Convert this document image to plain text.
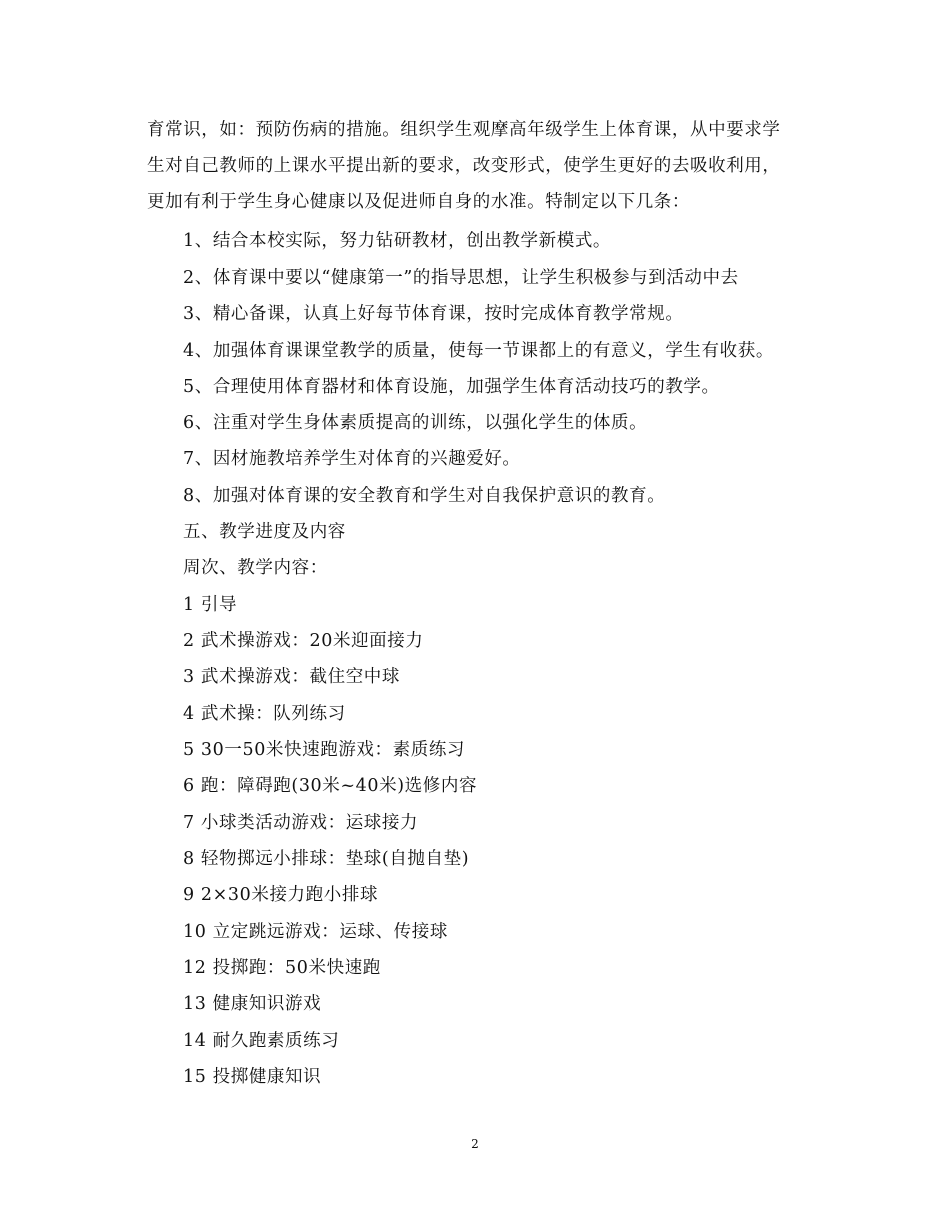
育常识，如：预防伤病的措施。组织学生观摩高年级学生上体育课，从中要求学
生对自己教师的上课水平提出新的要求，改变形式，使学生更好的去吸收利用，
更加有利于学生身心健康以及促进师自身的水准。特制定以下几条：
1、结合本校实际，努力钻研教材，创出教学新模式。
2、体育课中要以“健康第一”的指导思想，让学生积极参与到活动中去
3、精心备课，认真上好每节体育课，按时完成体育教学常规。
4、加强体育课课堂教学的质量，使每一节课都上的有意义，学生有收获。
5、合理使用体育器材和体育设施，加强学生体育活动技巧的教学。
6、注重对学生身体素质提高的训练，以强化学生的体质。
7、因材施教培养学生对体育的兴趣爱好。
8、加强对体育课的安全教育和学生对自我保护意识的教育。
五、教学进度及内容
周次、教学内容：
1 引导
2 武术操游戏：20米迎面接力
3 武术操游戏：截住空中球
4 武术操：队列练习
5 30一50米快速跑游戏：素质练习
6 跑：障碍跑(30米~40米)选修内容
7 小球类活动游戏：运球接力
8 轻物掷远小排球：垫球(自抛自垫)
9 2×30米接力跑小排球
10 立定跳远游戏：运球、传接球
12 投掷跑：50米快速跑
13 健康知识游戏
14 耐久跑素质练习
15 投掷健康知识
2
